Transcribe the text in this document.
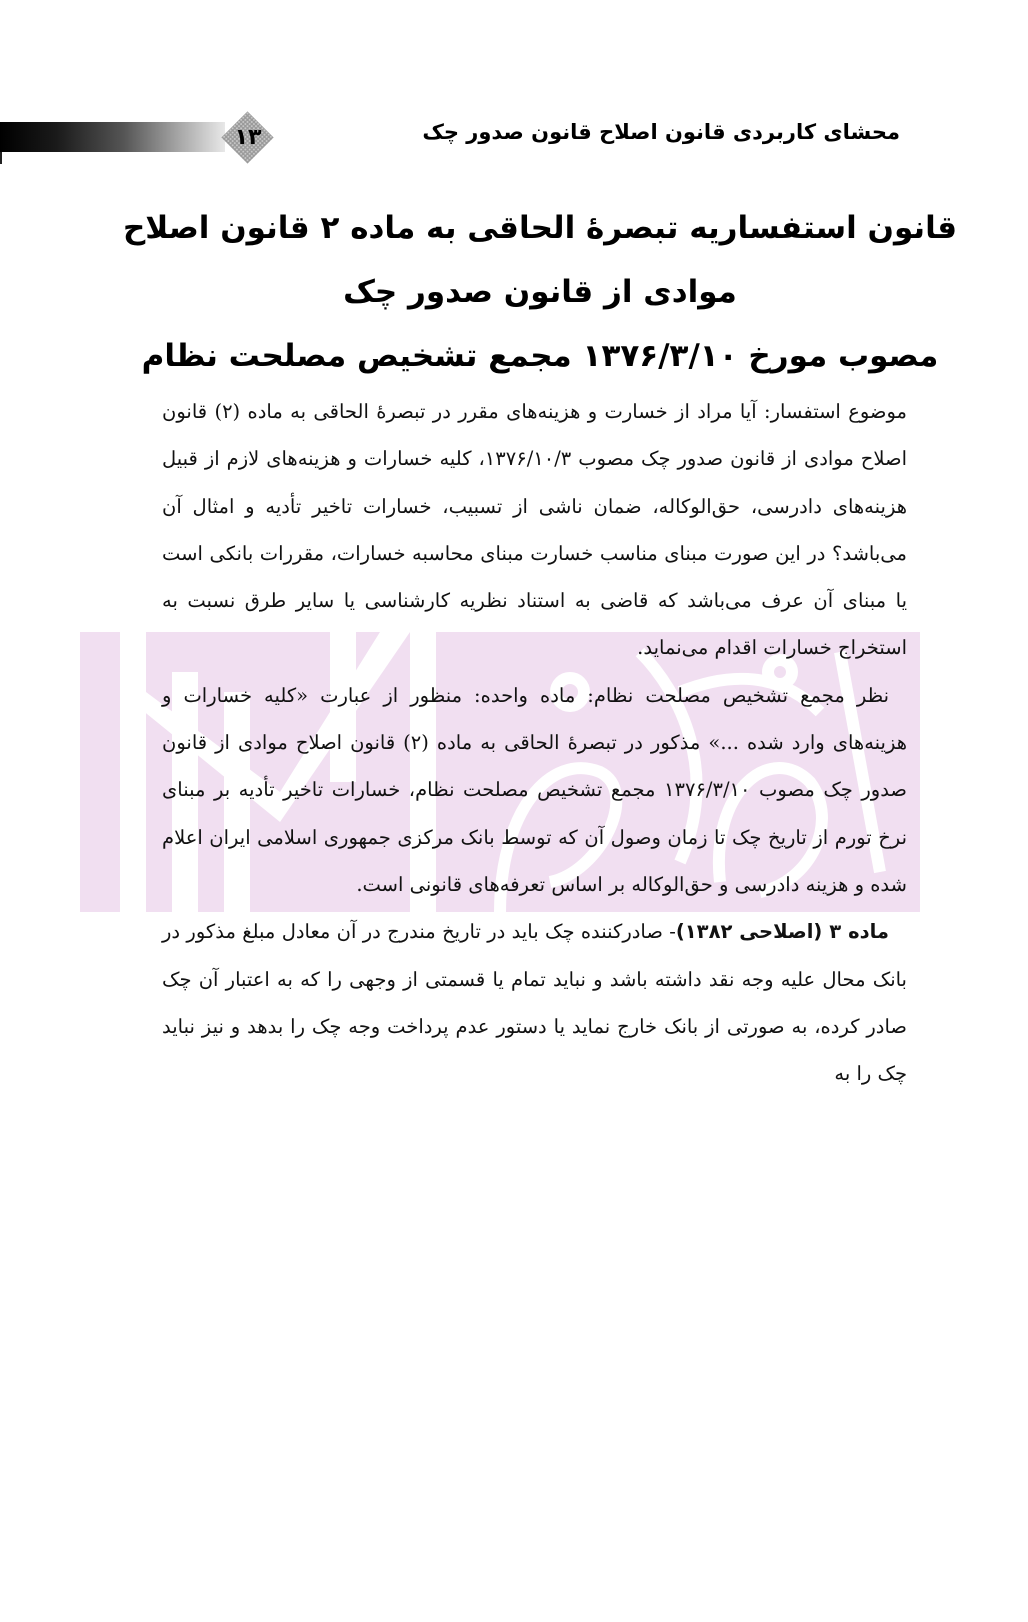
۱۳	محشای کاربردی قانون اصلاح قانون صدور چک
قانون استفساریه تبصرهٔ الحاقی به ماده ۲ قانون اصلاح
موادی از قانون صدور چک
مصوب مورخ ۱۳۷۶/۳/۱۰ مجمع تشخیص مصلحت نظام

موضوع استفسار: آیا مراد از خسارت و هزینه‌های مقرر در تبصرهٔ الحاقی به ماده (۲) قانون اصلاح موادی از قانون صدور چک مصوب ۱۳۷۶/۱۰/۳، کلیه خسارات و هزینه‌های لازم از قبیل هزینه‌های دادرسی، حق‌الوکاله، ضمان ناشی از تسبیب، خسارات تاخیر تأدیه و امثال آن می‌باشد؟ در این صورت مبنای مناسب خسارت مبنای محاسبه خسارات، مقررات بانکی است یا مبنای آن عرف می‌باشد که قاضی به استناد نظریه کارشناسی یا سایر طرق نسبت به استخراج خسارات اقدام می‌نماید.

نظر مجمع تشخیص مصلحت نظام: ماده واحده: منظور از عبارت «کلیه خسارات و هزینه‌های وارد شده ...» مذکور در تبصرهٔ الحاقی به ماده (۲) قانون اصلاح موادی از قانون صدور چک مصوب ۱۳۷۶/۳/۱۰ مجمع تشخیص مصلحت نظام، خسارات تاخیر تأدیه بر مبنای نرخ تورم از تاریخ چک تا زمان وصول آن که توسط بانک مرکزی جمهوری اسلامی ایران اعلام شده و هزینه دادرسی و حق‌الوکاله بر اساس تعرفه‌های قانونی است.

ماده ۳ (اصلاحی ۱۳۸۲)- صادرکننده چک باید در تاریخ مندرج در آن معادل مبلغ مذکور در بانک محال علیه وجه نقد داشته باشد و نباید تمام یا قسمتی از وجهی را که به اعتبار آن چک صادر کرده، به صورتی از بانک خارج نماید یا دستور عدم پرداخت وجه چک را بدهد و نیز نباید چک را به
